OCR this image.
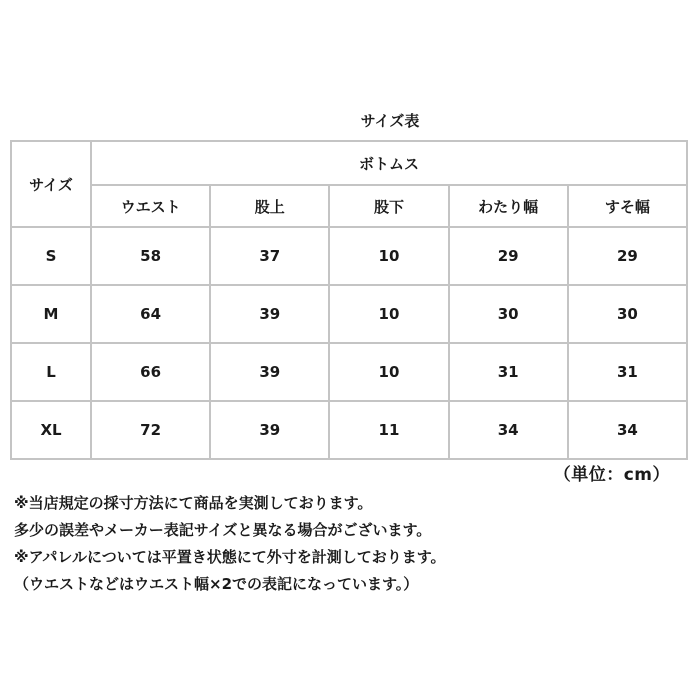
サイズ表
サイズ	ボトムス				
	ウエスト	股上	股下	わたり幅	すそ幅
S	58	37	10	29	29
M	64	39	10	30	30
L	66	39	10	31	31
XL	72	39	11	34	34
（単位：cm）
※当店規定の採寸方法にて商品を実測しております。
多少の誤差やメーカー表記サイズと異なる場合がございます。
※アパレルについては平置き状態にて外寸を計測しております。
（ウエストなどはウエスト幅×2での表記になっています。）
